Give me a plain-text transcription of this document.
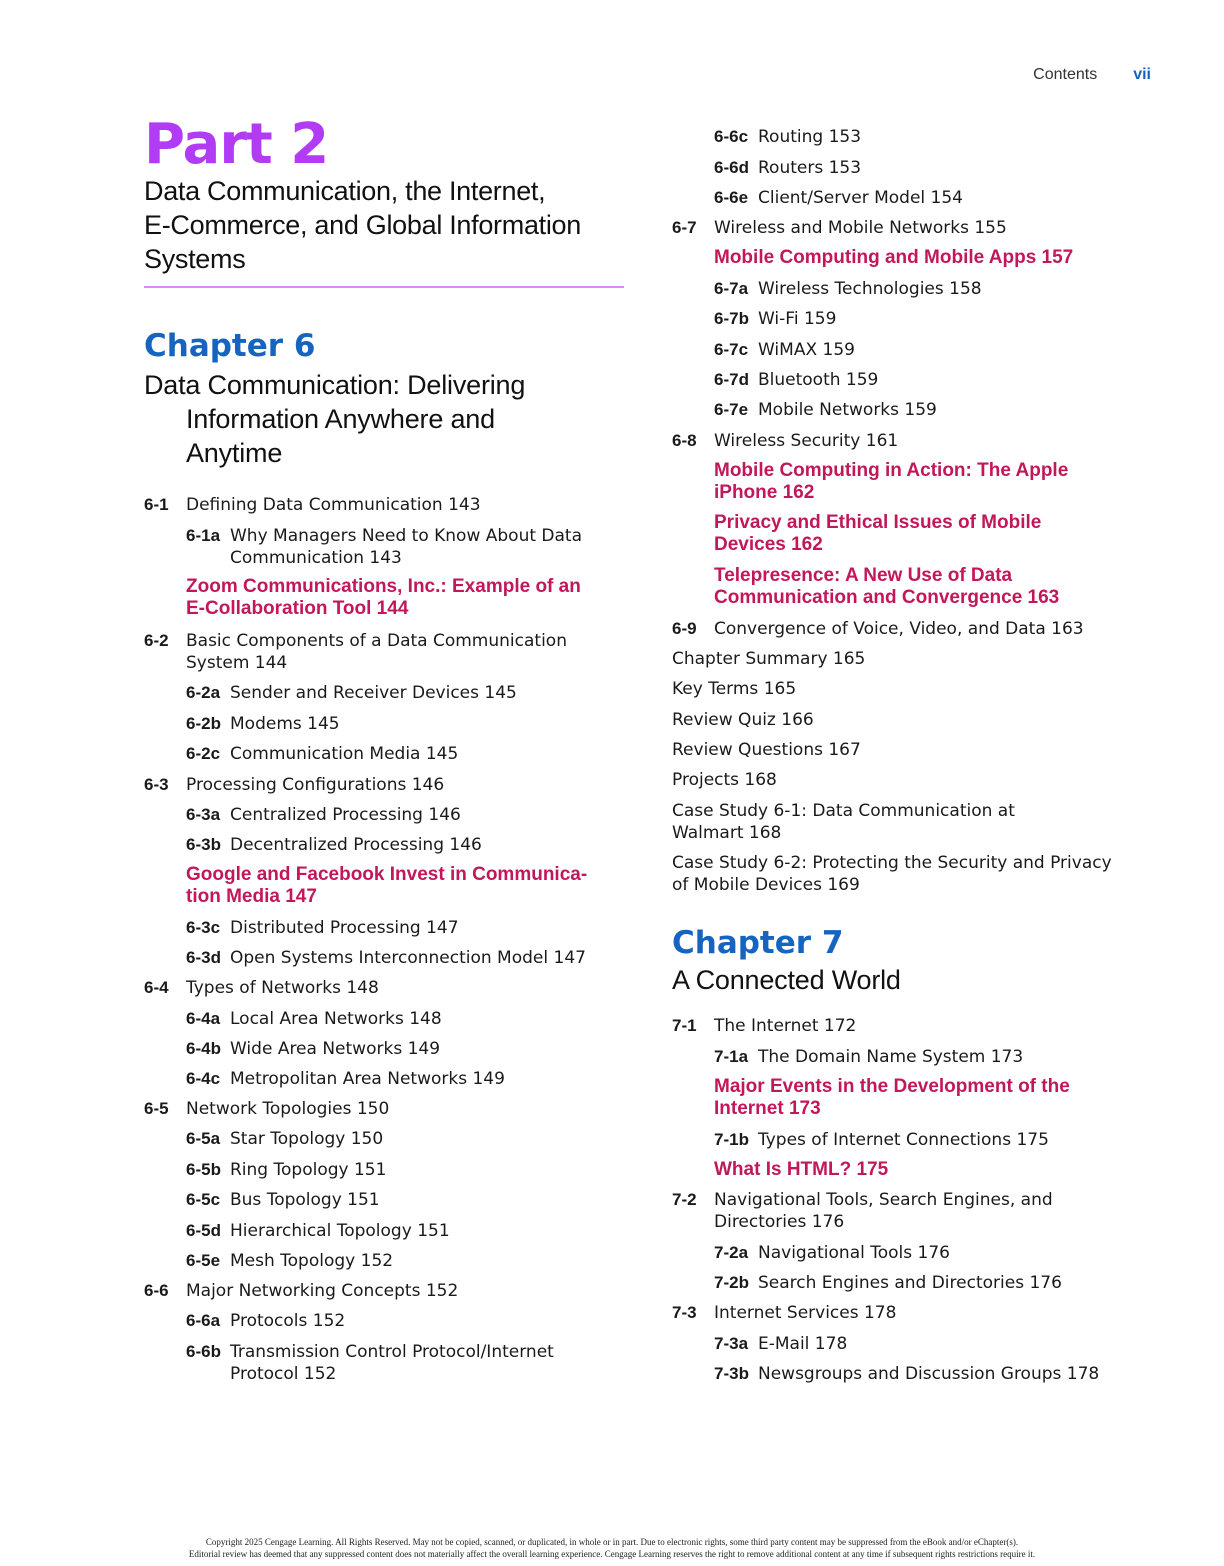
Contents vii
Part 2
Data Communication, the Internet,
E-Commerce, and Global Information
Systems
Chapter 6
Data Communication: Delivering
Information Anywhere and
Anytime
6-1	Defining Data Communication 143
6-1a Why Managers Need to Know About Data
Communication 143
Zoom Communications, Inc.: Example of an
E-Collaboration Tool 144
6-2	Basic Components of a Data Communication
System 144
6-2a Sender and Receiver Devices 145
6-2b Modems 145
6-2c Communication Media 145
6-3	Processing Configurations 146
6-3a Centralized Processing 146
6-3b Decentralized Processing 146
Google and Facebook Invest in Communica-
tion Media 147
6-3c Distributed Processing 147
6-3d Open Systems Interconnection Model 147
6-4	Types of Networks 148
6-4a Local Area Networks 148
6-4b Wide Area Networks 149
6-4c Metropolitan Area Networks 149
6-5	Network Topologies 150
6-5a Star Topology 150
6-5b Ring Topology 151
6-5c Bus Topology 151
6-5d Hierarchical Topology 151
6-5e Mesh Topology 152
6-6	Major Networking Concepts 152
6-6a Protocols 152
6-6b Transmission Control Protocol/Internet
Protocol 152
6-6c Routing 153
6-6d Routers 153
6-6e Client/Server Model 154
6-7	Wireless and Mobile Networks 155
Mobile Computing and Mobile Apps 157
6-7a Wireless Technologies 158
6-7b Wi-Fi 159
6-7c WiMAX 159
6-7d Bluetooth 159
6-7e Mobile Networks 159
6-8	Wireless Security 161
Mobile Computing in Action: The Apple
iPhone 162
Privacy and Ethical Issues of Mobile
Devices 162
Telepresence: A New Use of Data
Communication and Convergence 163
6-9	Convergence of Voice, Video, and Data 163
Chapter Summary 165
Key Terms 165
Review Quiz 166
Review Questions 167
Projects 168
Case Study 6-1: Data Communication at
Walmart 168
Case Study 6-2: Protecting the Security and Privacy
of Mobile Devices 169
Chapter 7
A Connected World
7-1	The Internet 172
7-1a The Domain Name System 173
Major Events in the Development of the
Internet 173
7-1b Types of Internet Connections 175
What Is HTML? 175
7-2	Navigational Tools, Search Engines, and
Directories 176
7-2a Navigational Tools 176
7-2b Search Engines and Directories 176
7-3	Internet Services 178
7-3a E-Mail 178
7-3b Newsgroups and Discussion Groups 178
Copyright 2025 Cengage Learning. All Rights Reserved. May not be copied, scanned, or duplicated, in whole or in part. Due to electronic rights, some third party content may be suppressed from the eBook and/or eChapter(s).
Editorial review has deemed that any suppressed content does not materially affect the overall learning experience. Cengage Learning reserves the right to remove additional content at any time if subsequent rights restrictions require it.
